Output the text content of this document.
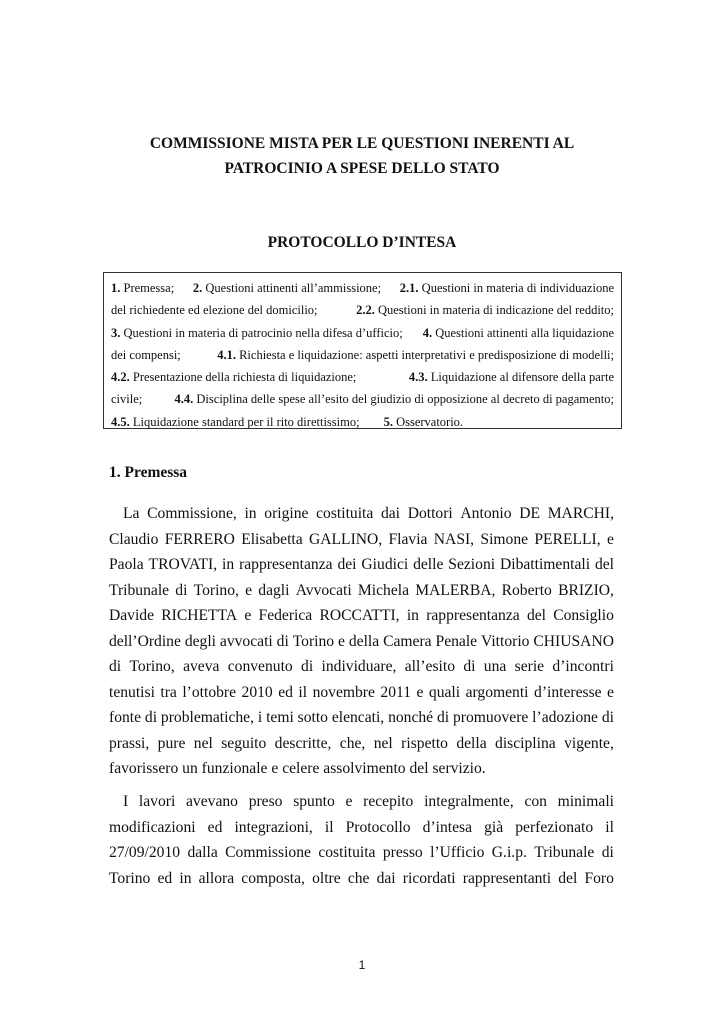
COMMISSIONE MISTA PER LE QUESTIONI INERENTI AL
PATROCINIO A SPESE DELLO STATO

PROTOCOLLO D’INTESA

1. Premessa; 2. Questioni attinenti all’ammissione; 2.1. Questioni in materia di individuazione
del richiedente ed elezione del domicilio;	2.2. Questioni in materia di indicazione del reddito;
3. Questioni in materia di patrocinio nella difesa d’ufficio; 4. Questioni attinenti alla liquidazione
dei compensi;	4.1. Richiesta e liquidazione: aspetti interpretativi e predisposizione di modelli;
4.2. Presentazione della richiesta di liquidazione;	4.3. Liquidazione al difensore della parte
civile;	4.4. Disciplina delle spese all’esito del giudizio di opposizione al decreto di pagamento;
4.5. Liquidazione standard per il rito direttissimo; 5. Osservatorio.

1. Premessa

La Commissione, in origine costituita dai Dottori Antonio DE MARCHI,
Claudio FERRERO Elisabetta GALLINO, Flavia NASI, Simone PERELLI, e
Paola TROVATI, in rappresentanza dei Giudici delle Sezioni Dibattimentali del
Tribunale di Torino, e dagli Avvocati Michela MALERBA, Roberto BRIZIO,
Davide RICHETTA e Federica ROCCATTI, in rappresentanza del Consiglio
dell’Ordine degli avvocati di Torino e della Camera Penale Vittorio CHIUSANO
di Torino, aveva convenuto di individuare, all’esito di una serie d’incontri
tenutisi tra l’ottobre 2010 ed il novembre 2011 e quali argomenti d’interesse e
fonte di problematiche, i temi sotto elencati, nonché di promuovere l’adozione di
prassi, pure nel seguito descritte, che, nel rispetto della disciplina vigente,
favorissero un funzionale e celere assolvimento del servizio.
I lavori avevano preso spunto e recepito integralmente, con minimali
modificazioni ed integrazioni, il Protocollo d’intesa già perfezionato il
27/09/2010 dalla Commissione costituita presso l’Ufficio G.i.p. Tribunale di
Torino ed in allora composta, oltre che dai ricordati rappresentanti del Foro

1
